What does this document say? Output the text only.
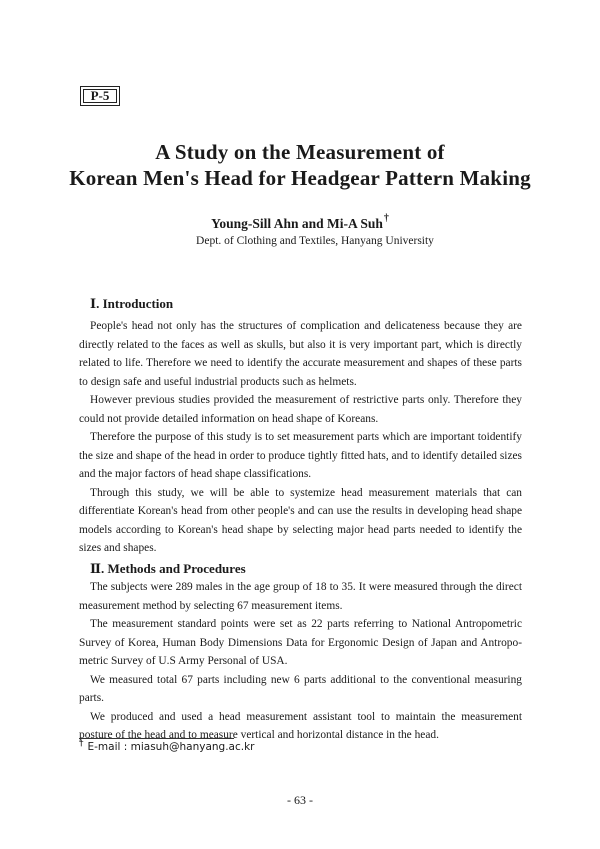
P-5
A Study on the Measurement of
Korean Men's Head for Headgear Pattern Making
Young-Sill Ahn and Mi-A Suh†
Dept. of Clothing and Textiles, Hanyang University
Ⅰ. Introduction

People's head not only has the structures of complication and delicateness because they are directly related to the faces as well as skulls, but also it is very important part, which is directly related to life. Therefore we need to identify the accurate measurement and shapes of these parts to design safe and useful industrial products such as helmets.

However previous studies provided the measurement of restrictive parts only. Therefore they could not provide detailed information on head shape of Koreans.

Therefore the purpose of this study is to set measurement parts which are important toidentify the size and shape of the head in order to produce tightly fitted hats, and to identify detailed sizes and the major factors of head shape classifications.

Through this study, we will be able to systemize head measurement materials that can differentiate Korean's head from other people's and can use the results in developing head shape models according to Korean's head shape by selecting major head parts needed to identify the sizes and shapes.

Ⅱ. Methods and Procedures

The subjects were 289 males in the age group of 18 to 35. It were measured through the direct measurement method by selecting 67 measurement items.

The measurement standard points were set as 22 parts referring to National Antropometric Survey of Korea, Human Body Dimensions Data for Ergonomic Design of Japan and Antropo-metric Survey of U.S Army Personal of USA.

We measured total 67 parts including new 6 parts additional to the conventional measuring parts.

We produced and used a head measurement assistant tool to maintain the measurement posture of the head and to measure vertical and horizontal distance in the head.

† E-mail : miasuh@hanyang.ac.kr
- 63 -
